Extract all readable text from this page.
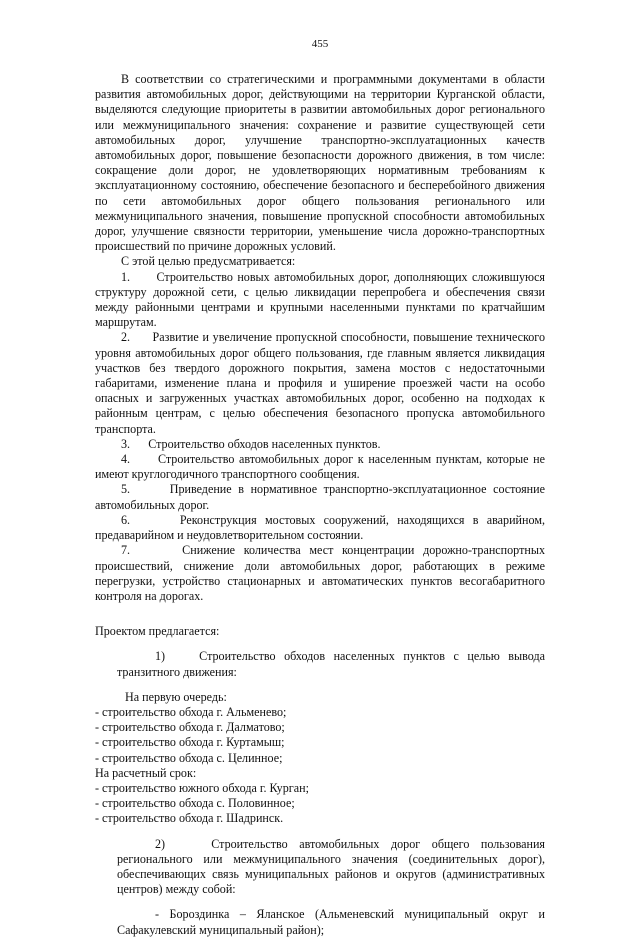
455

В соответствии со стратегическими и программными документами в области развития автомобильных дорог, действующими на территории Курганской области, выделяются следующие приоритеты в развитии автомобильных дорог регионального или межмуниципального значения: сохранение и развитие существующей сети автомобильных дорог, улучшение транспортно-эксплуатационных качеств автомобильных дорог, повышение безопасности дорожного движения, в том числе: сокращение доли дорог, не удовлетворяющих нормативным требованиям к эксплуатационному состоянию, обеспечение безопасного и бесперебойного движения по сети автомобильных дорог общего пользования регионального или межмуниципального значения, повышение пропускной способности автомобильных дорог, улучшение связности территории, уменьшение числа дорожно-транспортных происшествий по причине дорожных условий.

С этой целью предусматривается:

1.      Строительство новых автомобильных дорог, дополняющих сложившуюся структуру дорожной сети, с целью ликвидации перепробега и обеспечения связи между районными центрами и крупными населенными пунктами по кратчайшим маршрутам.

2.      Развитие и увеличение пропускной способности, повышение технического уровня автомобильных дорог общего пользования, где главным является ликвидация участков без твердого дорожного покрытия, замена мостов с недостаточными габаритами, изменение плана и профиля и уширение проезжей части на особо опасных и загруженных участках автомобильных дорог, особенно на подходах к районным центрам, с целью обеспечения безопасного пропуска автомобильного транспорта.

3.      Строительство обходов населенных пунктов.

4.      Строительство автомобильных дорог к населенным пунктам, которые не имеют круглогодичного транспортного сообщения.

5.      Приведение в нормативное транспортно-эксплуатационное состояние автомобильных дорог.

6.      Реконструкция мостовых сооружений, находящихся в аварийном, предаварийном и неудовлетворительном состоянии.

7.      Снижение количества мест концентрации дорожно-транспортных происшествий, снижение доли автомобильных дорог, работающих в режиме перегрузки, устройство стационарных и автоматических пунктов весогабаритного контроля на дорогах.

Проектом предлагается:

1)    Строительство обходов населенных пунктов с целью вывода транзитного движения:

На первую очередь:

- строительство обхода г. Альменево;

- строительство обхода г. Далматово;

- строительство обхода г. Куртамыш;

- строительство обхода с. Целинное;

На расчетный срок:

- строительство южного обхода г. Курган;

- строительство обхода с. Половинное;

- строительство обхода г. Шадринск.

2)    Строительство автомобильных дорог общего пользования регионального или межмуниципального значения (соединительных дорог), обеспечивающих связь муниципальных районов и округов (административных центров) между собой:

- Бороздинка – Яланское (Альменевский муниципальный округ и Сафакулевский муниципальный район);
